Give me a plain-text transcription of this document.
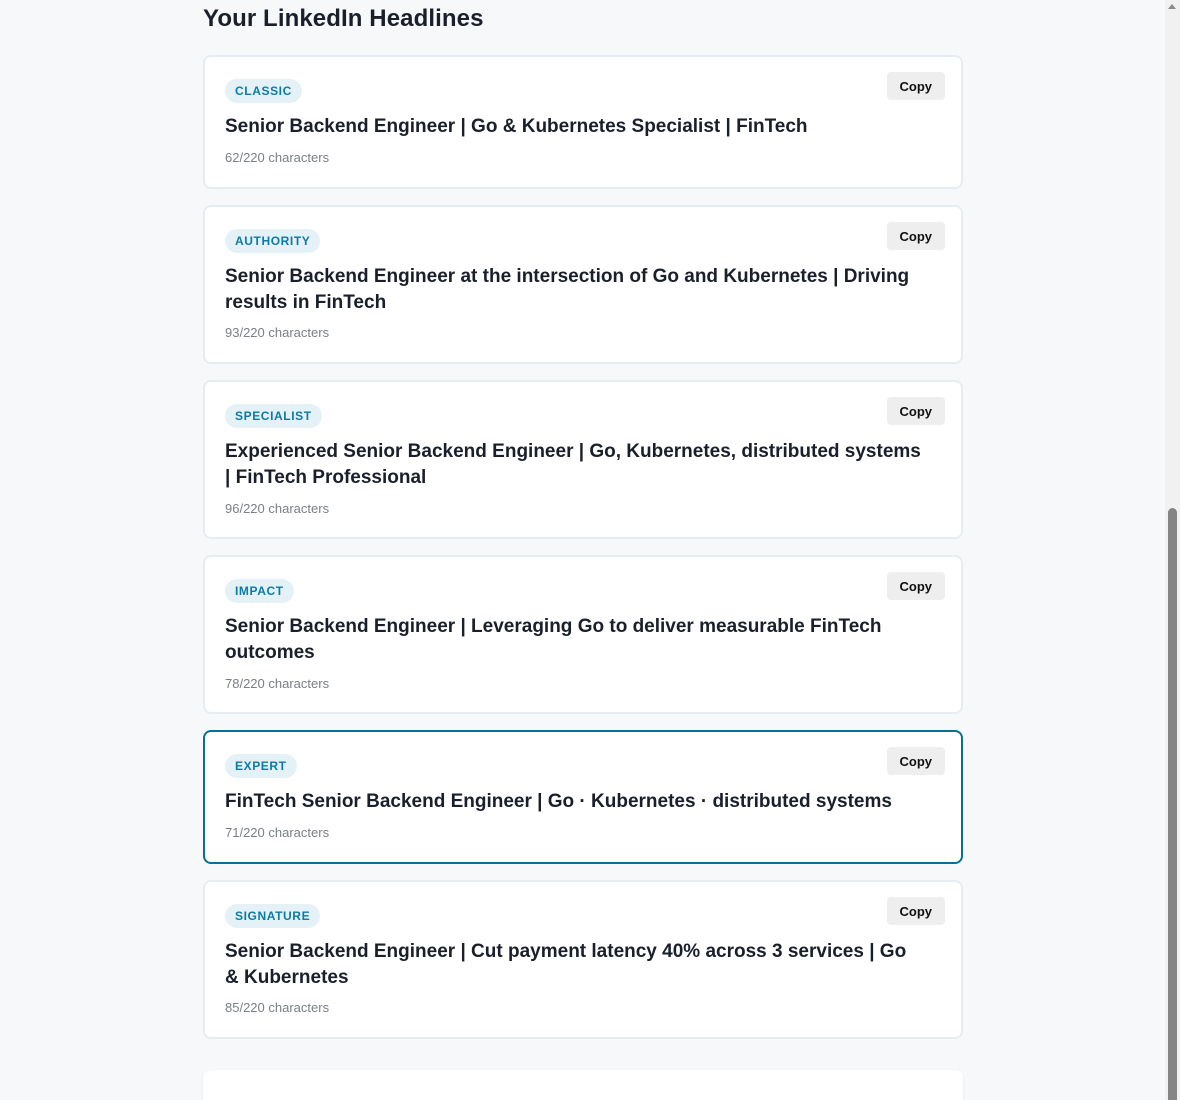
Your LinkedIn Headlines
CLASSIC	Copy

Senior Backend Engineer | Go & Kubernetes Specialist | FinTech

62/220 characters
AUTHORITY	Copy

Senior Backend Engineer at the intersection of Go and Kubernetes | Driving results in FinTech

93/220 characters
SPECIALIST	Copy

Experienced Senior Backend Engineer | Go, Kubernetes, distributed systems | FinTech Professional

96/220 characters
IMPACT	Copy

Senior Backend Engineer | Leveraging Go to deliver measurable FinTech outcomes

78/220 characters
EXPERT	Copy

FinTech Senior Backend Engineer | Go · Kubernetes · distributed systems

71/220 characters
SIGNATURE	Copy

Senior Backend Engineer | Cut payment latency 40% across 3 services | Go & Kubernetes

85/220 characters
